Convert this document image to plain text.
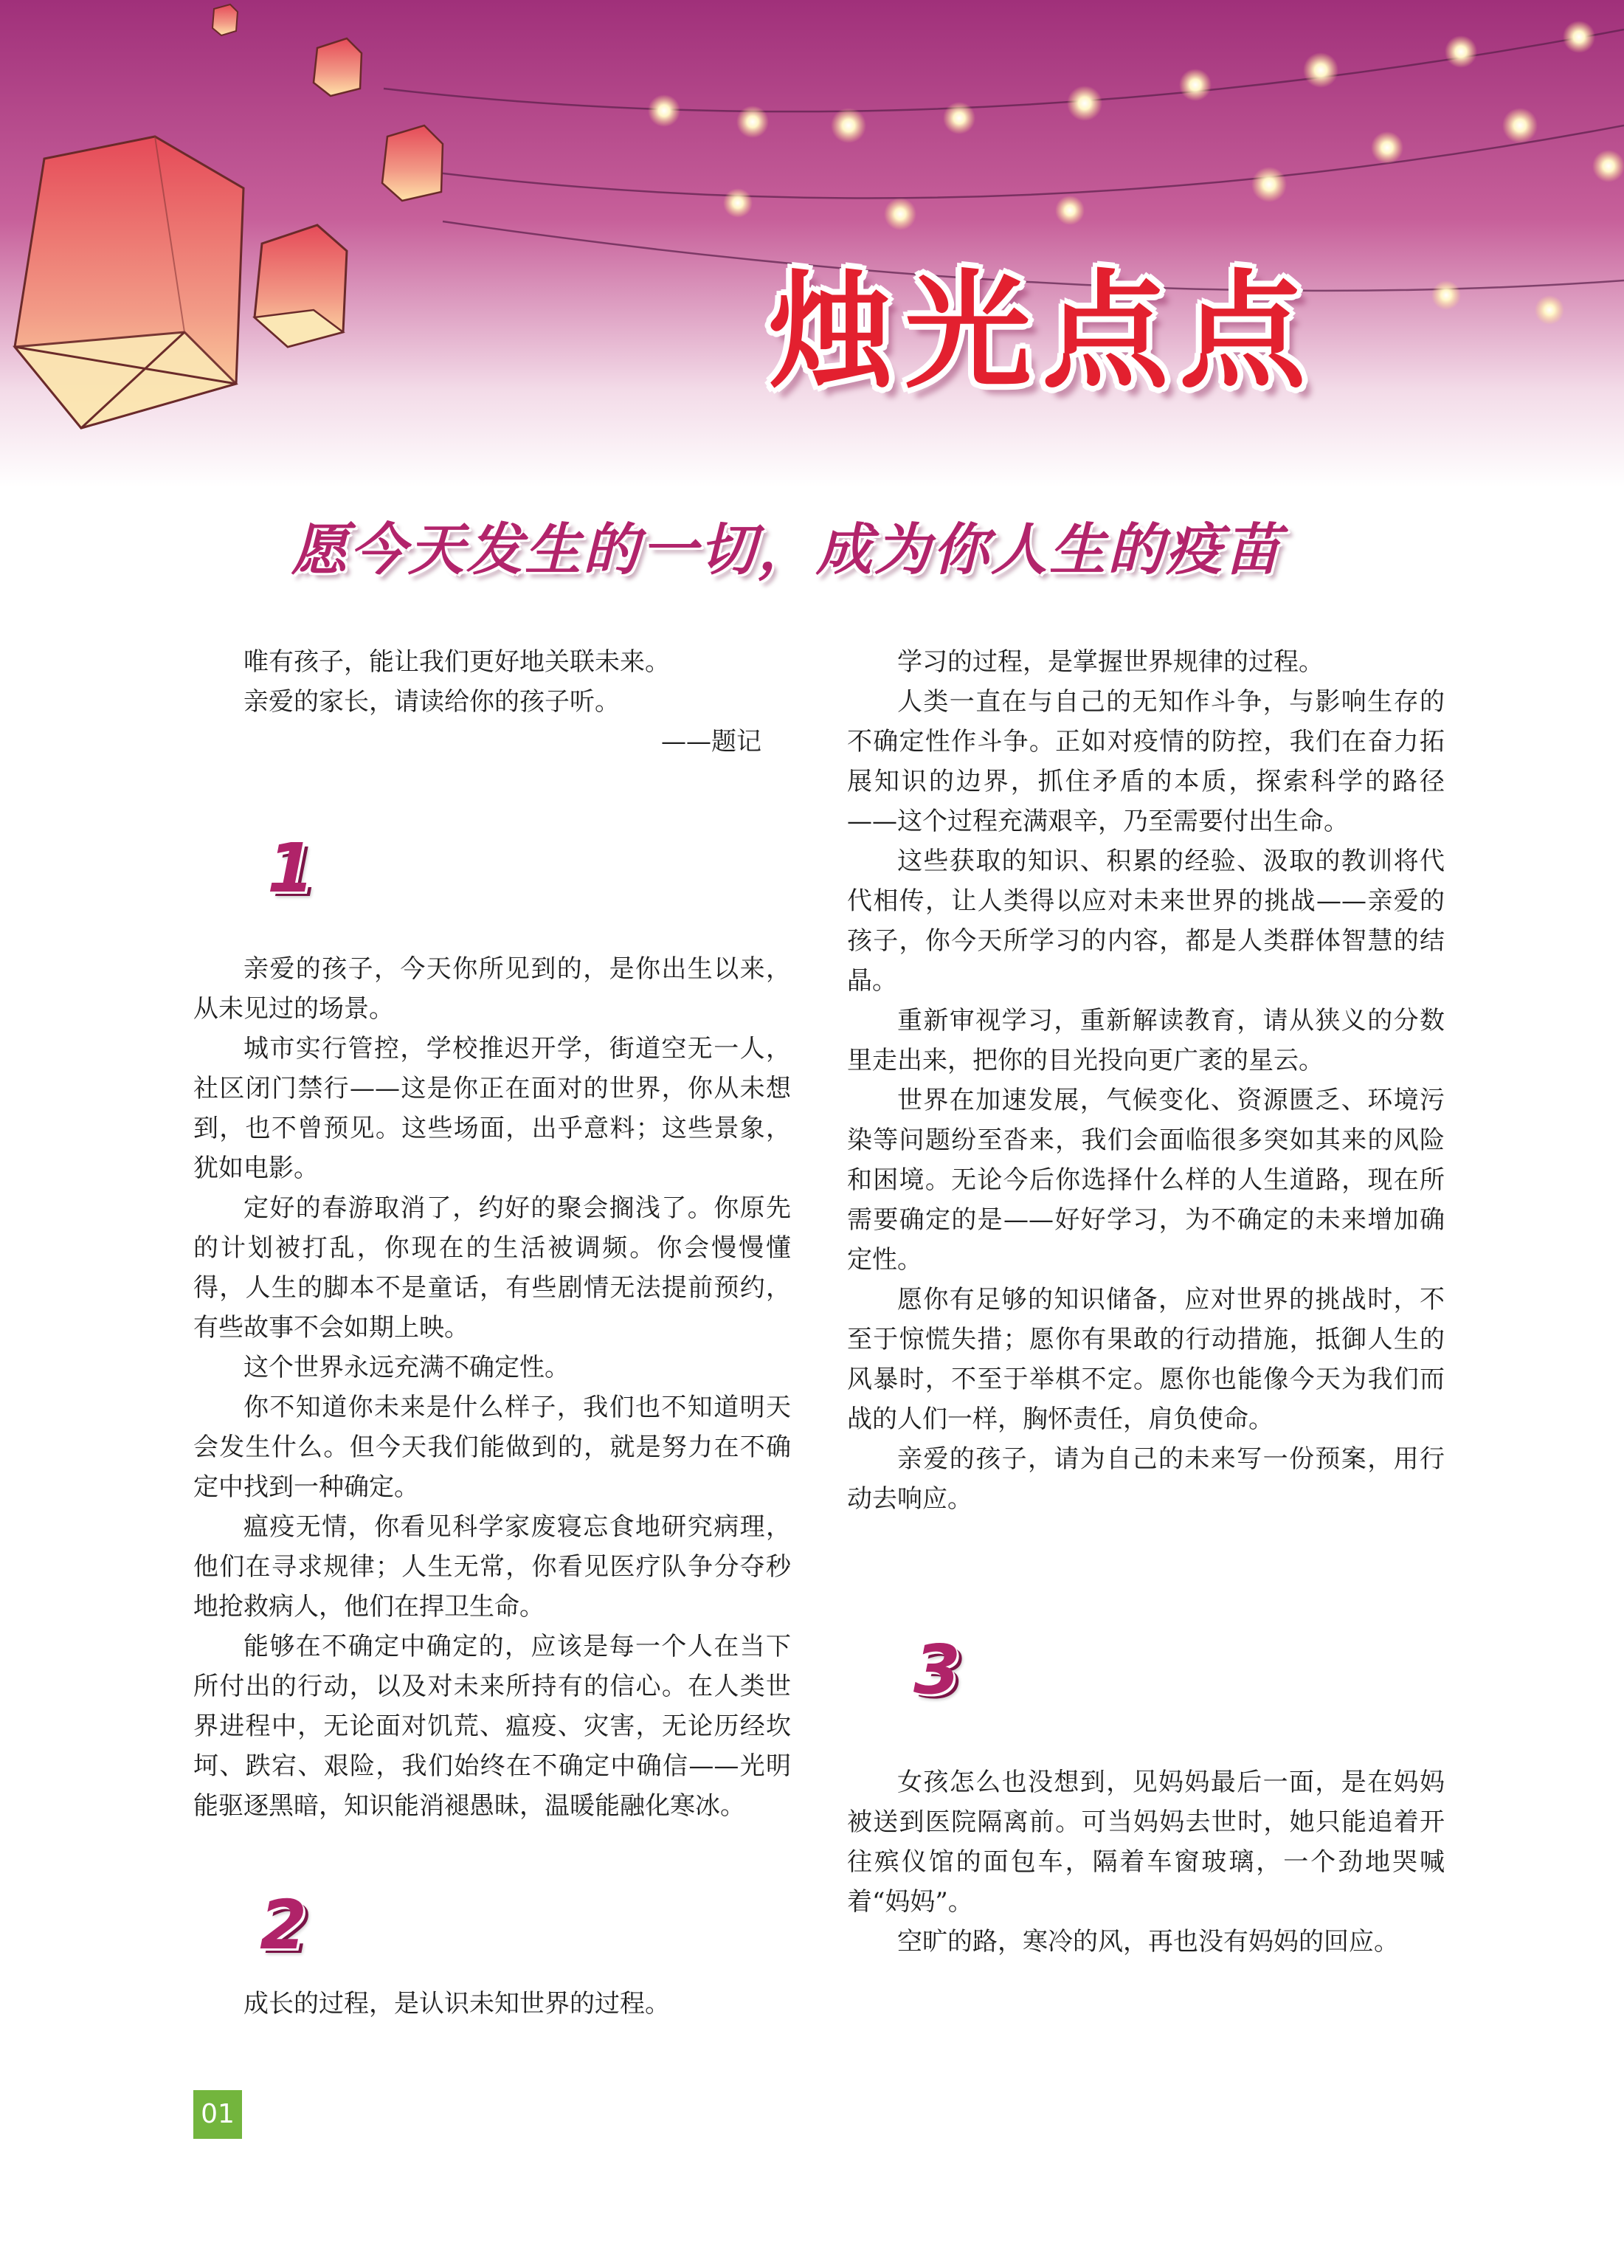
烛光点点
愿今天发生的一切，成为你人生的疫苗

唯有孩子，能让我们更好地关联未来。

亲爱的家长，请读给你的孩子听。

——题记

1

亲爱的孩子，今天你所见到的，是你出生以来，从未见过的场景。

城市实行管控，学校推迟开学，街道空无一人，社区闭门禁行——这是你正在面对的世界，你从未想到，也不曾预见。这些场面，出乎意料；这些景象，犹如电影。

定好的春游取消了，约好的聚会搁浅了。你原先的计划被打乱，你现在的生活被调频。你会慢慢懂得，人生的脚本不是童话，有些剧情无法提前预约，有些故事不会如期上映。

这个世界永远充满不确定性。

你不知道你未来是什么样子，我们也不知道明天会发生什么。但今天我们能做到的，就是努力在不确定中找到一种确定。

瘟疫无情，你看见科学家废寝忘食地研究病理，他们在寻求规律；人生无常，你看见医疗队争分夺秒地抢救病人，他们在捍卫生命。

能够在不确定中确定的，应该是每一个人在当下所付出的行动，以及对未来所持有的信心。在人类世界进程中，无论面对饥荒、瘟疫、灾害，无论历经坎坷、跌宕、艰险，我们始终在不确定中确信——光明能驱逐黑暗，知识能消褪愚昧，温暖能融化寒冰。

2

成长的过程，是认识未知世界的过程。

学习的过程，是掌握世界规律的过程。

人类一直在与自己的无知作斗争，与影响生存的不确定性作斗争。正如对疫情的防控，我们在奋力拓展知识的边界，抓住矛盾的本质，探索科学的路径——这个过程充满艰辛，乃至需要付出生命。

这些获取的知识、积累的经验、汲取的教训将代代相传，让人类得以应对未来世界的挑战——亲爱的孩子，你今天所学习的内容，都是人类群体智慧的结晶。

重新审视学习，重新解读教育，请从狭义的分数里走出来，把你的目光投向更广袤的星云。

世界在加速发展，气候变化、资源匮乏、环境污染等问题纷至沓来，我们会面临很多突如其来的风险和困境。无论今后你选择什么样的人生道路，现在所需要确定的是——好好学习，为不确定的未来增加确定性。

愿你有足够的知识储备，应对世界的挑战时，不至于惊慌失措；愿你有果敢的行动措施，抵御人生的风暴时，不至于举棋不定。愿你也能像今天为我们而战的人们一样，胸怀责任，肩负使命。

亲爱的孩子，请为自己的未来写一份预案，用行动去响应。

3

女孩怎么也没想到，见妈妈最后一面，是在妈妈被送到医院隔离前。可当妈妈去世时，她只能追着开往殡仪馆的面包车，隔着车窗玻璃，一个劲地哭喊着“妈妈”。

空旷的路，寒冷的风，再也没有妈妈的回应。

01
